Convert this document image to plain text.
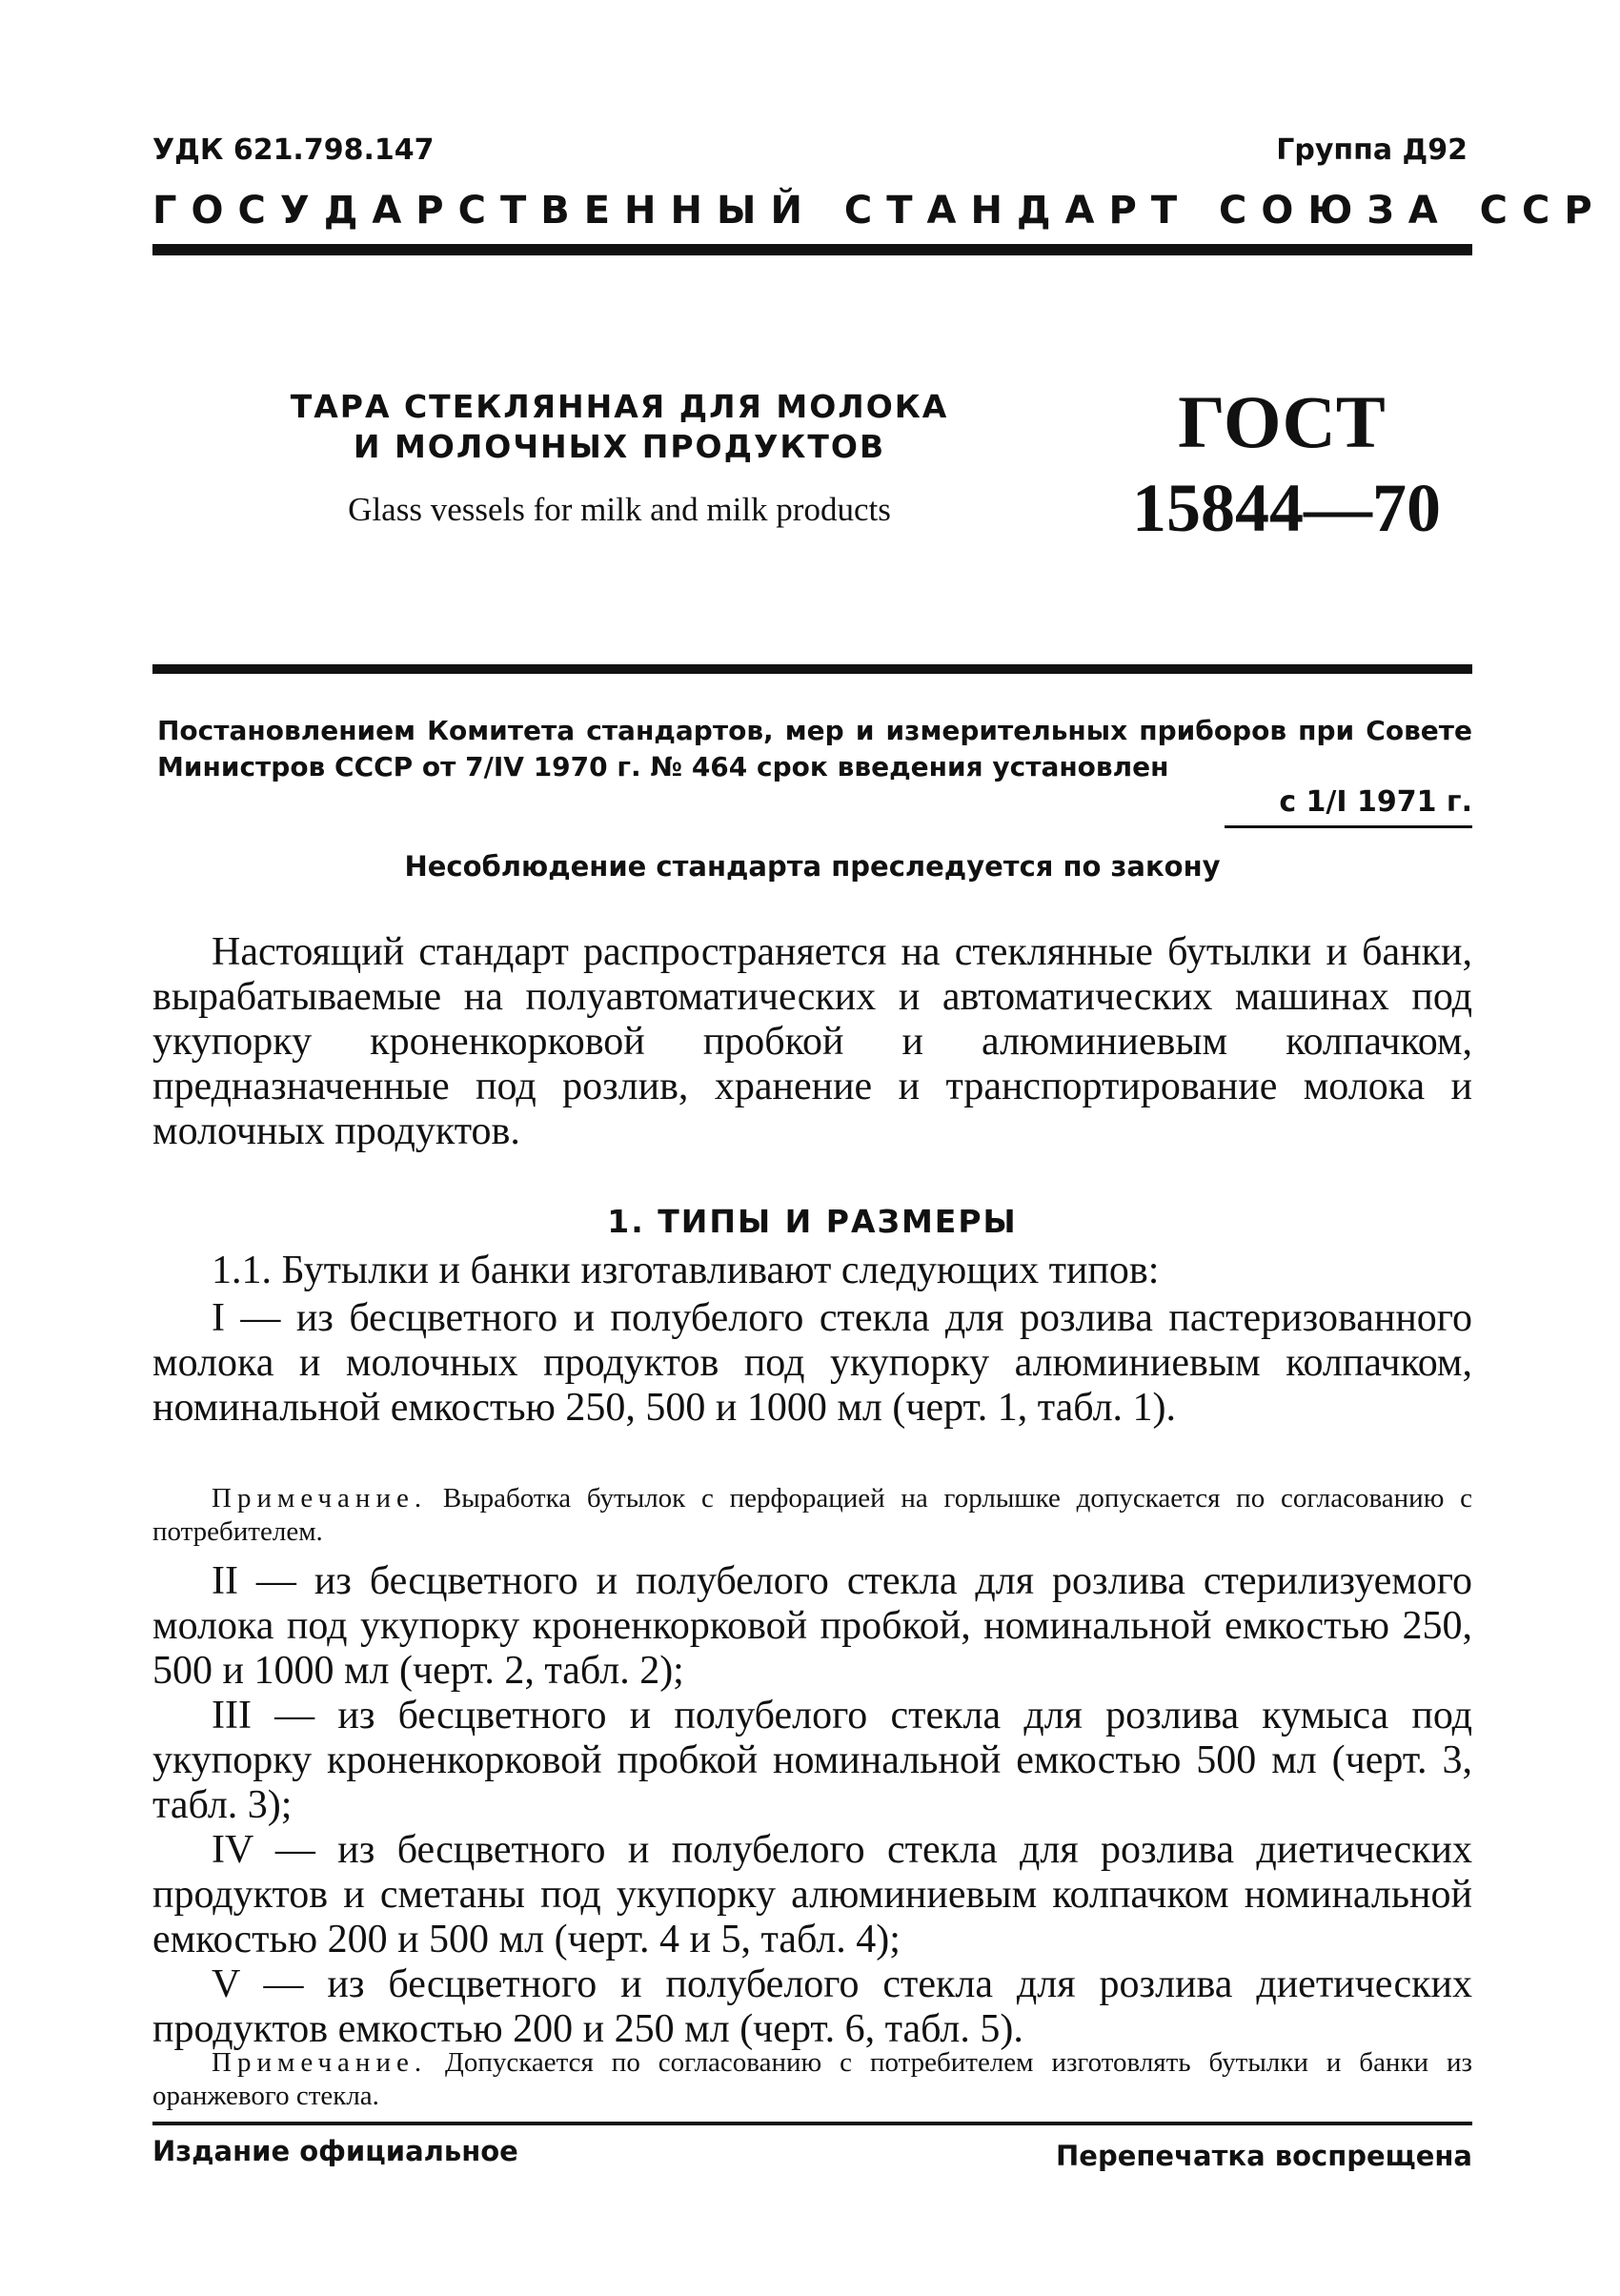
УДК 621.798.147	Группа Д92
ГОСУДАРСТВЕННЫЙ СТАНДАРТ СОЮЗА ССР
ТАРА СТЕКЛЯННАЯ ДЛЯ МОЛОКА
И МОЛОЧНЫХ ПРОДУКТОВ
Glass vessels for milk and milk products
ГОСТ
15844—70
Постановлением Комитета стандартов, мер и измерительных приборов при Совете Министров СССР от 7/IV 1970 г. № 464 срок введения установлен
с 1/I 1971 г.
Несоблюдение стандарта преследуется по закону
Настоящий стандарт распространяется на стеклянные бутылки и банки, вырабатываемые на полуавтоматических и автоматических машинах под укупорку кроненкорковой пробкой и алюминиевым колпачком, предназначенные под розлив, хранение и транспортирование молока и молочных продуктов.
1. ТИПЫ И РАЗМЕРЫ
1.1. Бутылки и банки изготавливают следующих типов:
I — из бесцветного и полубелого стекла для розлива пастеризованного молока и молочных продуктов под укупорку алюминиевым колпачком, номинальной емкостью 250, 500 и 1000 мл (черт. 1, табл. 1).
Примечание. Выработка бутылок с перфорацией на горлышке допускается по согласованию с потребителем.
II — из бесцветного и полубелого стекла для розлива стерилизуемого молока под укупорку кроненкорковой пробкой, номинальной емкостью 250, 500 и 1000 мл (черт. 2, табл. 2);
III — из бесцветного и полубелого стекла для розлива кумыса под укупорку кроненкорковой пробкой номинальной емкостью 500 мл (черт. 3, табл. 3);
IV — из бесцветного и полубелого стекла для розлива диетических продуктов и сметаны под укупорку алюминиевым колпачком номинальной емкостью 200 и 500 мл (черт. 4 и 5, табл. 4);
V — из бесцветного и полубелого стекла для розлива диетических продуктов емкостью 200 и 250 мл (черт. 6, табл. 5).
Примечание. Допускается по согласованию с потребителем изготовлять бутылки и банки из оранжевого стекла.
Издание официальное	Перепечатка воспрещена
